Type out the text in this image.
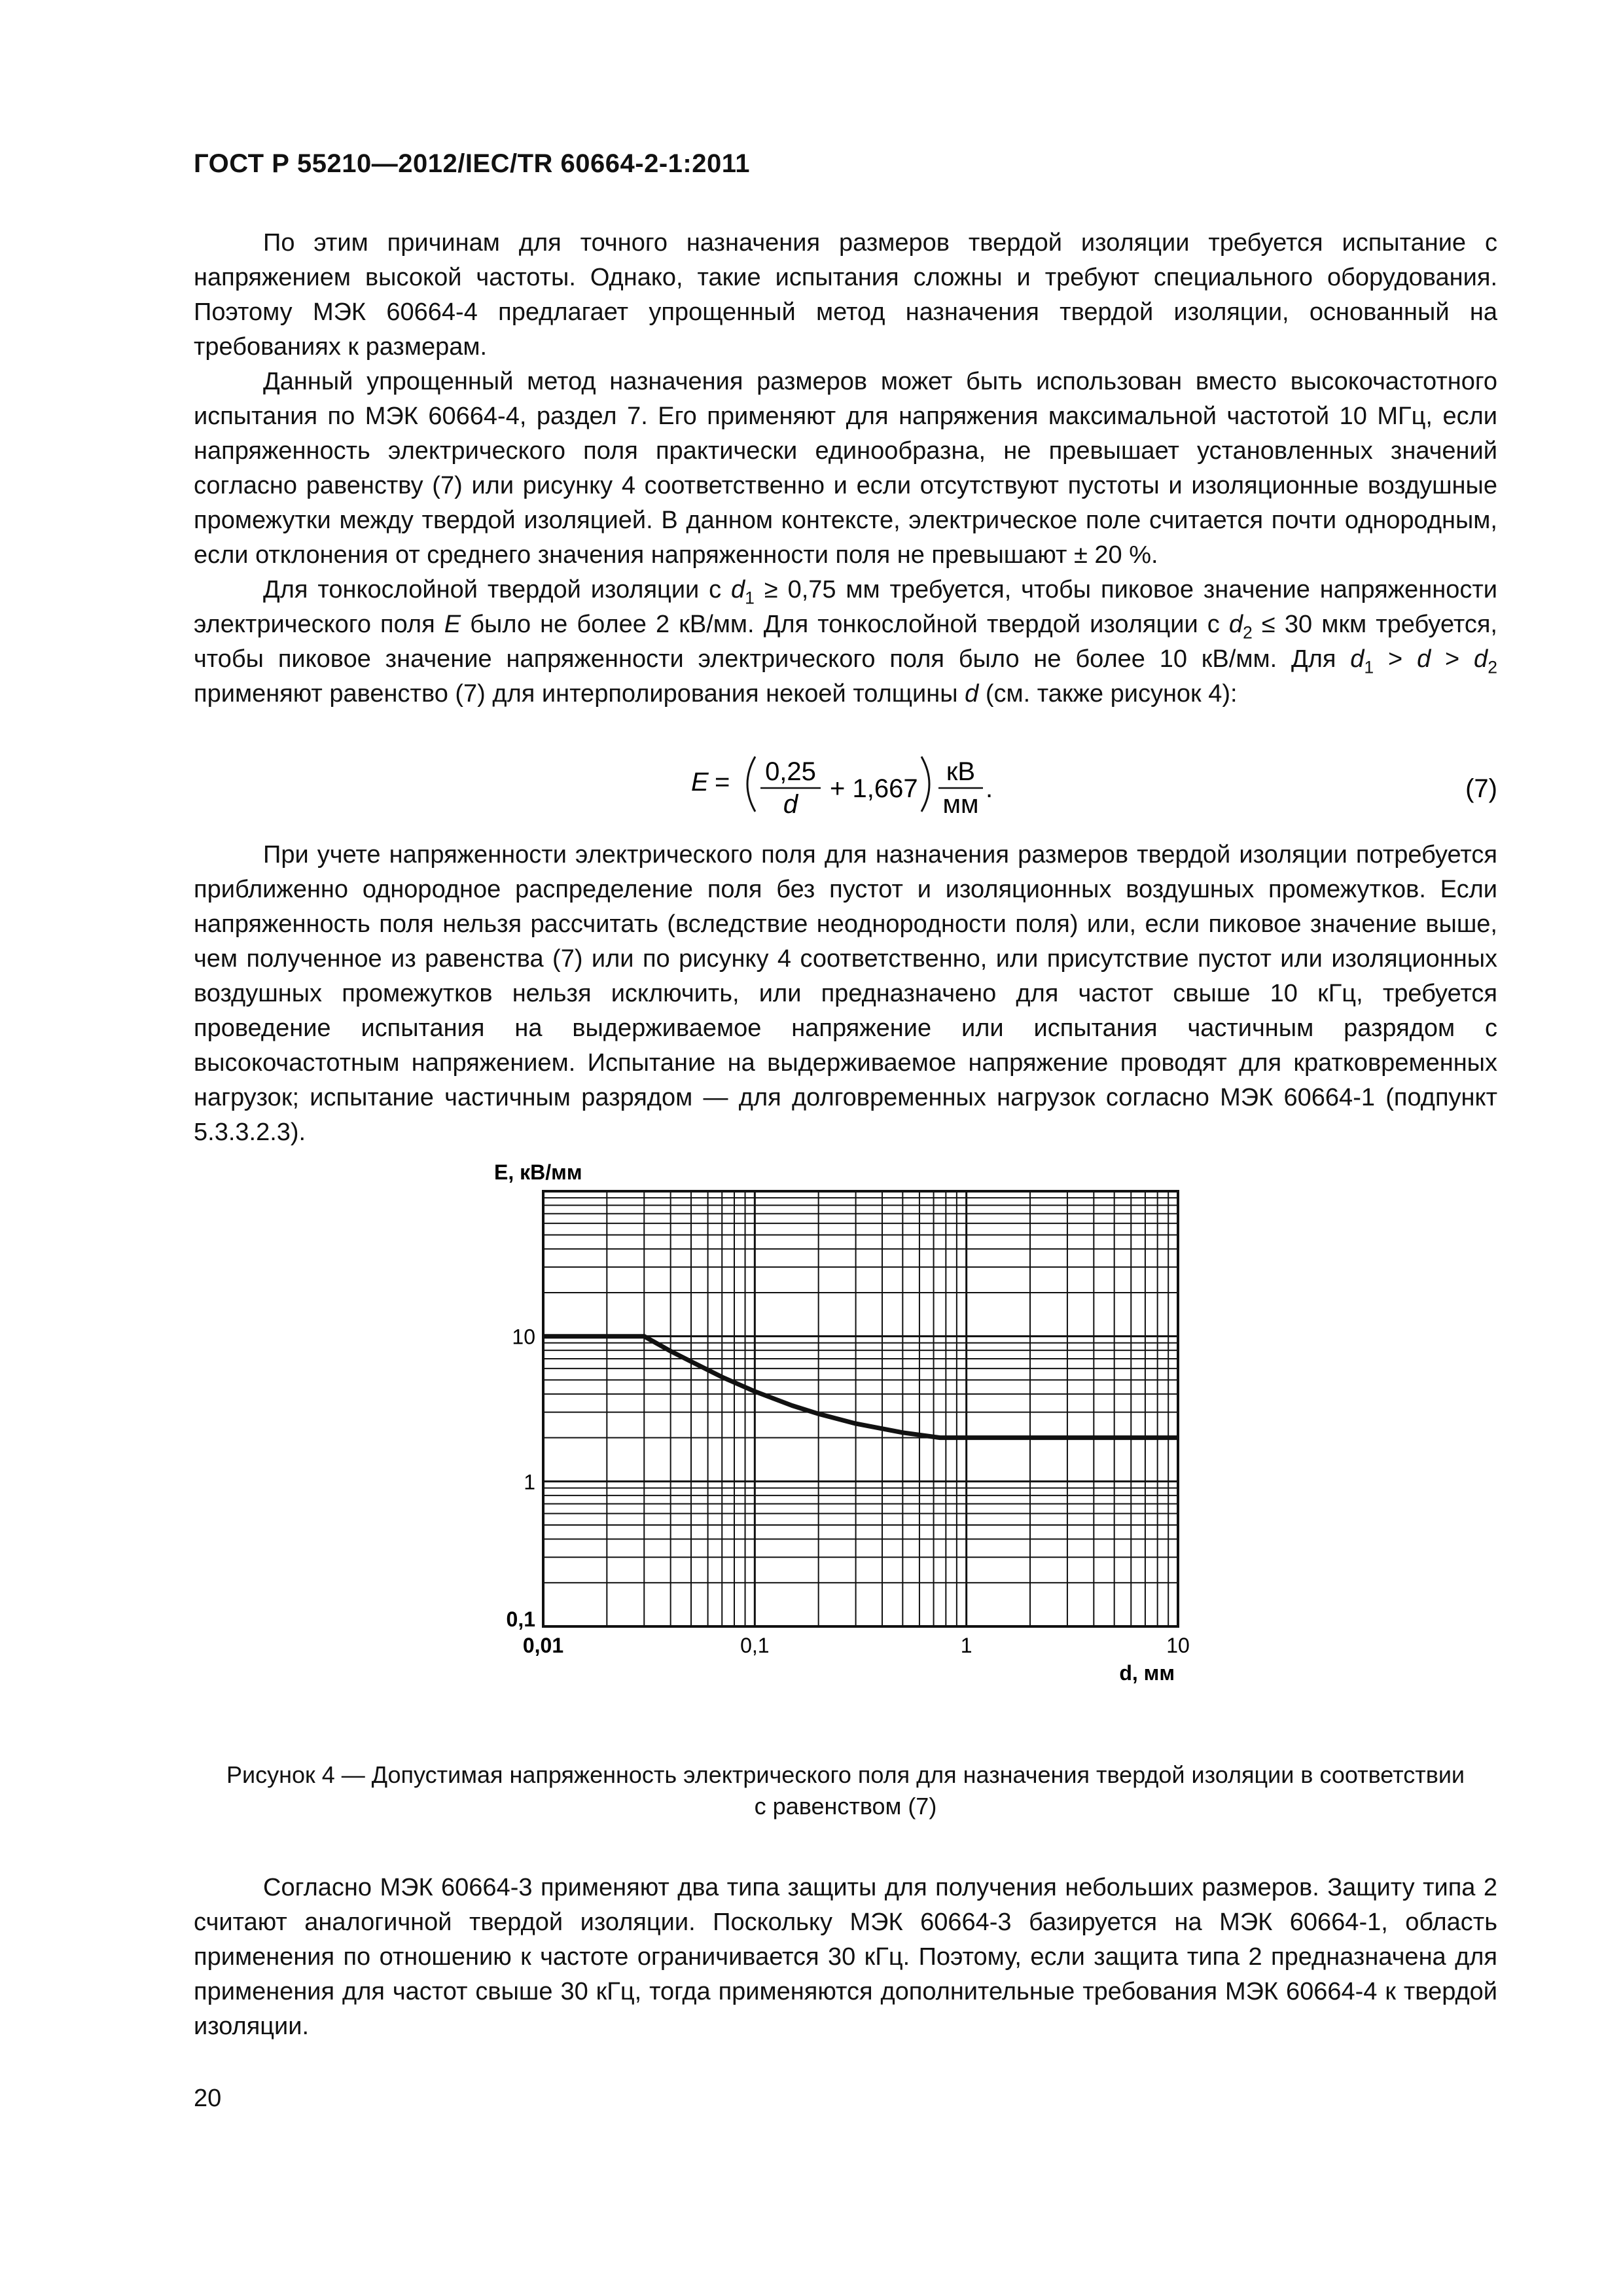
ГОСТ Р 55210—2012/IEC/TR 60664-2-1:2011

По этим причинам для точного назначения размеров твердой изоляции требуется испытание с напряжением высокой частоты. Однако, такие испытания сложны и требуют специального оборудования. Поэтому МЭК 60664-4 предлагает упрощенный метод назначения твердой изоляции, основанный на требованиях к размерам.

Данный упрощенный метод назначения размеров может быть использован вместо высокочастотного испытания по МЭК 60664-4, раздел 7. Его применяют для напряжения максимальной частотой 10 МГц, если напряженность электрического поля практически единообразна, не превышает установленных значений согласно равенству (7) или рисунку 4 соответственно и если отсутствуют пустоты и изоляционные воздушные промежутки между твердой изоляцией. В данном контексте, электрическое поле считается почти однородным, если отклонения от среднего значения напряженности поля не превышают ± 20 %.

Для тонкослойной твердой изоляции с $d_1 \ge 0,75$ мм требуется, чтобы пиковое значение напряженности электрического поля E было не более 2 кВ/мм. Для тонкослойной твердой изоляции с $d_2 \le 30$ мкм требуется, чтобы пиковое значение напряженности электрического поля было не более 10 кВ/мм. Для $d_1 > d > d_2$ применяют равенство (7) для интерполирования некоей толщины d (см. также рисунок 4):

E = 0,25
d
+ 1,667
кВ
мм
.	(7)

При учете напряженности электрического поля для назначения размеров твердой изоляции потребуется приближенно однородное распределение поля без пустот и изоляционных воздушных промежутков. Если напряженность поля нельзя рассчитать (вследствие неоднородности поля) или, если пиковое значение выше, чем полученное из равенства (7) или по рисунку 4 соответственно, или присутствие пустот или изоляционных воздушных промежутков нельзя исключить, или предназначено для частот свыше 10 кГц, требуется проведение испытания на выдерживаемое напряжение или испытания частичным разрядом с высокочастотным напряжением. Испытание на выдерживаемое напряжение проводят для кратковременных нагрузок; испытание частичным разрядом — для долговременных нагрузок согласно МЭК 60664-1 (подпункт 5.3.3.2.3).

0,01	0,1	1	10
0,1
1
10
E, кВ/мм
d, мм
Рисунок 4 — Допустимая напряженность электрического поля для назначения твердой изоляции в соответствии
с равенством (7)

Согласно МЭК 60664-3 применяют два типа защиты для получения небольших размеров. Защиту типа 2 считают аналогичной твердой изоляции. Поскольку МЭК 60664-3 базируется на МЭК 60664-1, область применения по отношению к частоте ограничивается 30 кГц. Поэтому, если защита типа 2 предназначена для применения для частот свыше 30 кГц, тогда применяются дополнительные требования МЭК 60664-4 к твердой изоляции.

20
